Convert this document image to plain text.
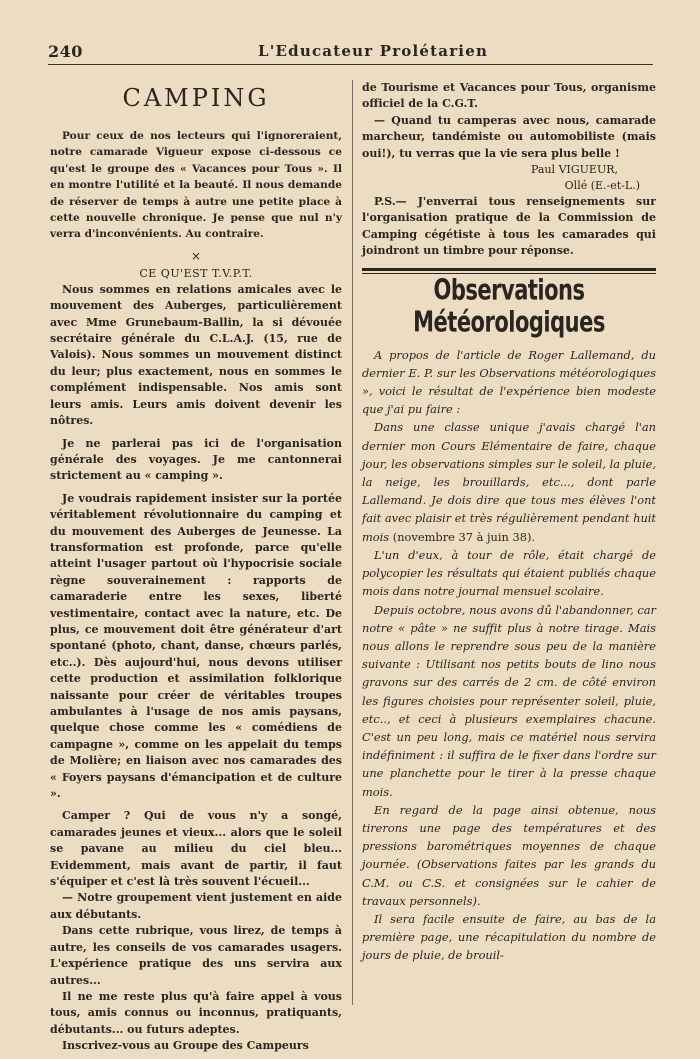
240	L'Educateur Prolétarien
CAMPING

Pour ceux de nos lecteurs qui l'ignoreraient, notre camarade Vigueur expose ci-dessous ce qu'est le groupe des « Vacances pour Tous ». Il en montre l'utilité et la beauté. Il nous demande de réserver de temps à autre une petite place à cette nouvelle chronique. Je pense que nul n'y verra d'inconvénients. Au contraire.

×
CE QU'EST T.V.P.T.

Nous sommes en relations amicales avec le mouvement des Auberges, particulièrement avec Mme Grunebaum-Ballin, la si dévouée secrétaire générale du C.L.A.J. (15, rue de Valois). Nous sommes un mouvement distinct du leur; plus exactement, nous en sommes le complément indispensable. Nos amis sont leurs amis. Leurs amis doivent devenir les nôtres.

Je ne parlerai pas ici de l'organisation générale des voyages. Je me cantonnerai strictement au « camping ».

Je voudrais rapidement insister sur la portée véritablement révolutionnaire du camping et du mouvement des Auberges de Jeunesse. La transformation est profonde, parce qu'elle atteint l'usager partout où l'hypocrisie sociale règne souverainement : rapports de camaraderie entre les sexes, liberté vestimentaire, contact avec la nature, etc. De plus, ce mouvement doit être générateur d'art spontané (photo, chant, danse, chœurs parlés, etc..). Dès aujourd'hui, nous devons utiliser cette production et assimilation folklorique naissante pour créer de véritables troupes ambulantes à l'usage de nos amis paysans, quelque chose comme les « comédiens de campagne », comme on les appelait du temps de Molière; en liaison avec nos camarades des « Foyers paysans d'émancipation et de culture ».

Camper ? Qui de vous n'y a songé, camarades jeunes et vieux... alors que le soleil se pavane au milieu du ciel bleu... Evidemment, mais avant de partir, il faut s'équiper et c'est là très souvent l'écueil...

— Notre groupement vient justement en aide aux débutants.

Dans cette rubrique, vous lirez, de temps à autre, les conseils de vos camarades usagers. L'expérience pratique des uns servira aux autres...

Il ne me reste plus qu'à faire appel à vous tous, amis connus ou inconnus, pratiquants, débutants... ou futurs adeptes.

Inscrivez-vous au Groupe des Campeurs

de Tourisme et Vacances pour Tous, organisme officiel de la C.G.T.

— Quand tu camperas avec nous, camarade marcheur, tandémiste ou automobiliste (mais oui!), tu verras que la vie sera plus belle !

Paul VIGUEUR,
Ollé (E.-et-L.)

P.S.— J'enverrai tous renseignements sur l'organisation pratique de la Commission de Camping cégétiste à tous les camarades qui joindront un timbre pour réponse.

Observations Météorologiques

A propos de l'article de Roger Lallemand, du dernier E. P. sur les Observations météorologiques », voici le résultat de l'expérience bien modeste que j'ai pu faire :

Dans une classe unique j'avais chargé l'an dernier mon Cours Elémentaire de faire, chaque jour, les observations simples sur le soleil, la pluie, la neige, les brouillards, etc..., dont parle Lallemand. Je dois dire que tous mes élèves l'ont fait avec plaisir et très régulièrement pendant huit mois (novembre 37 à juin 38).

L'un d'eux, à tour de rôle, était chargé de polycopier les résultats qui étaient publiés chaque mois dans notre journal mensuel scolaire.

Depuis octobre, nous avons dû l'abandonner, car notre « pâte » ne suffit plus à notre tirage. Mais nous allons le reprendre sous peu de la manière suivante : Utilisant nos petits bouts de lino nous gravons sur des carrés de 2 cm. de côté environ les figures choisies pour représenter soleil, pluie, etc.., et ceci à plusieurs exemplaires chacune. C'est un peu long, mais ce matériel nous servira indéfiniment : il suffira de le fixer dans l'ordre sur une planchette pour le tirer à la presse chaque mois.

En regard de la page ainsi obtenue, nous tirerons une page des températures et des pressions barométriques moyennes de chaque journée. (Observations faites par les grands du C.M. ou C.S. et consignées sur le cahier de travaux personnels).

Il sera facile ensuite de faire, au bas de la première page, une récapitulation du nombre de jours de pluie, de brouil-
